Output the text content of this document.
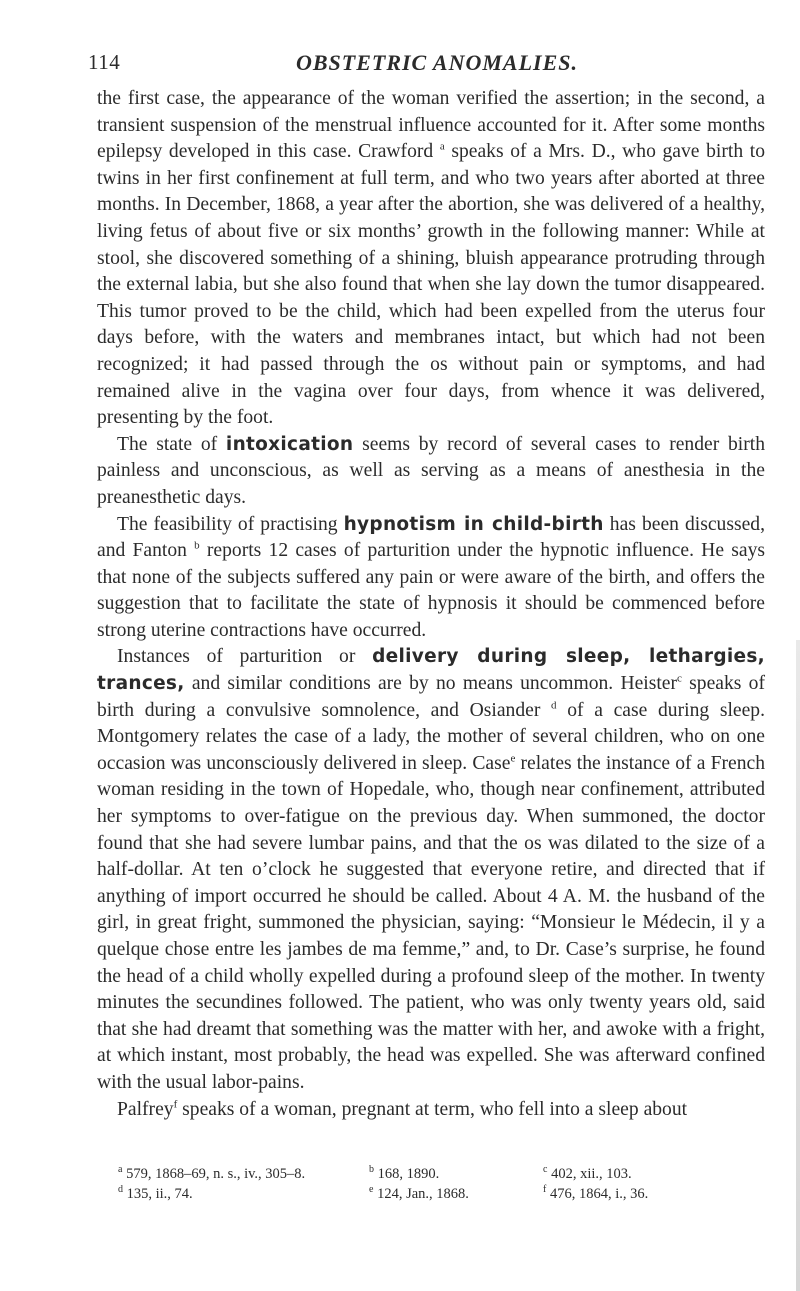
114	OBSTETRIC ANOMALIES.

the first case, the appearance of the woman verified the assertion; in the second, a transient suspension of the menstrual influence accounted for it. After some months epilepsy developed in this case. Crawford $^a$ speaks of a Mrs. D., who gave birth to twins in her first confinement at full term, and who two years after aborted at three months. In December, 1868, a year after the abortion, she was delivered of a healthy, living fetus of about five or six months’ growth in the following manner: While at stool, she discovered something of a shining, bluish appearance protruding through the external labia, but she also found that when she lay down the tumor disappeared. This tumor proved to be the child, which had been expelled from the uterus four days before, with the waters and membranes intact, but which had not been recognized; it had passed through the os without pain or symptoms, and had remained alive in the vagina over four days, from whence it was delivered, presenting by the foot.

The state of intoxication seems by record of several cases to render birth painless and unconscious, as well as serving as a means of anesthesia in the preanesthetic days.

The feasibility of practising hypnotism in child-birth has been discussed, and Fanton $^b$ reports 12 cases of parturition under the hypnotic influence. He says that none of the subjects suffered any pain or were aware of the birth, and offers the suggestion that to facilitate the state of hypnosis it should be commenced before strong uterine contractions have occurred.

Instances of parturition or delivery during sleep, lethargies, trances, and similar conditions are by no means uncommon. Heister$^c$ speaks of birth during a convulsive somnolence, and Osiander $^d$ of a case during sleep. Montgomery relates the case of a lady, the mother of several children, who on one occasion was unconsciously delivered in sleep. Case$^e$ relates the instance of a French woman residing in the town of Hopedale, who, though near confinement, attributed her symptoms to over-fatigue on the previous day. When summoned, the doctor found that she had severe lumbar pains, and that the os was dilated to the size of a half-dollar. At ten o’clock he suggested that everyone retire, and directed that if anything of import occurred he should be called. About 4 A. M. the husband of the girl, in great fright, summoned the physician, saying: “Monsieur le Médecin, il y a quelque chose entre les jambes de ma femme,” and, to Dr. Case’s surprise, he found the head of a child wholly expelled during a profound sleep of the mother. In twenty minutes the secundines followed. The patient, who was only twenty years old, said that she had dreamt that something was the matter with her, and awoke with a fright, at which instant, most probably, the head was expelled. She was afterward confined with the usual labor-pains.

Palfrey$^f$ speaks of a woman, pregnant at term, who fell into a sleep about

$^a$ 579, 1868–69, n. s., iv., 305–8.	$^b$ 168, 1890.	$^c$ 402, xii., 103.
$^d$ 135, ii., 74.	$^e$ 124, Jan., 1868.	$^f$ 476, 1864, i., 36.
